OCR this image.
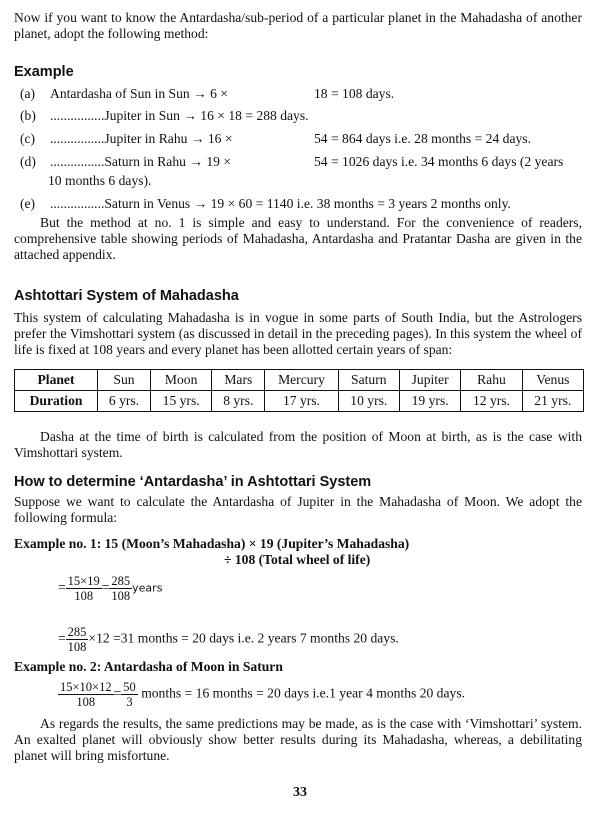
Now if you want to know the Antardasha/sub-period of a particular planet in the Mahadasha of another planet, adopt the following method:

Example
(a) Antardasha of Sun in Sun → 6 ×	18 = 108 days.
(b) ................Jupiter in Sun → 16 × 18 = 288 days.
(c) ................Jupiter in Rahu → 16 ×	54 = 864 days i.e. 28 months = 24 days.
(d) ................Saturn in Rahu → 19 ×	54 = 1026 days i.e. 34 months 6 days (2 years
10 months 6 days).
(e) ................Saturn in Venus → 19 × 60 = 1140 i.e. 38 months = 3 years 2 months only.

But the method at no. 1 is simple and easy to understand. For the convenience of readers, comprehensive table showing periods of Mahadasha, Antardasha and Pratantar Dasha are given in the attached appendix.

Ashtottari System of Mahadasha

This system of calculating Mahadasha is in vogue in some parts of South India, but the Astrologers prefer the Vimshottari system (as discussed in detail in the preceding pages). In this system the wheel of life is fixed at 108 years and every planet has been allotted certain years of span:

Planet	Sun	Moon	Mars	Mercury	Saturn	Jupiter	Rahu	Venus
Duration	6 yrs.	15 yrs.	8 yrs.	17 yrs.	10 yrs.	19 yrs.	12 yrs.	21 yrs.

Dasha at the time of birth is calculated from the position of Moon at birth, as is the case with Vimshottari system.

How to determine ‘Antardasha’ in Ashtottari System

Suppose we want to calculate the Antardasha of Jupiter in the Mahadasha of Moon. We adopt the following formula:

Example no. 1: 15 (Moon’s Mahadasha) × 19 (Jupiter’s Mahadasha)
÷ 108 (Total wheel of life)
= $\frac{15\times 19}{108} = \frac{285}{108}$ years
= $\frac{285}{108} \times 12 =31$ months = 20 days i.e. 2 years 7 months 20 days.
Example no. 2: Antardasha of Moon in Saturn
$\frac{15\times 10\times 12}{108} = \frac{50}{3}$ months = 16 months = 20 days i.e.1 year 4 months 20 days.

As regards the results, the same predictions may be made, as is the case with ‘Vimshottari’ system. An exalted planet will obviously show better results during its Mahadasha, whereas, a debilitating planet will bring misfortune.

33
